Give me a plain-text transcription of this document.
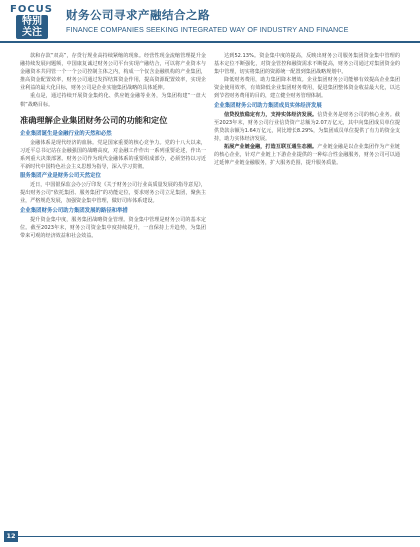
FOCUS
特别
关注
财务公司寻求产融结合之路
FINANCE COMPANIES SEEKING INTEGRATED WAY OF INDUSTRY AND FINANCE

款和存款“双高”，存贷行规业高持续紧缩的现象。经营性现金流缩管理提升金融持续发展问题频，中国康复诚过财务公司平台实现产融结合，可以将产业资本与金融资本共同管一个一个公司控制主体之内，构成一个仅含金融机构的产业集团，推高资金配置效率，财务公司通过发挥结算资金作用，提高资源配置效率，实现企业利益的最大化目标，财务公司是企业实施集团战略的具体延伸。

重点是，通过持续开展资金集约化、供应链金融等业务，为集团构建“一盘大棋”战略目标。

准确理解企业集团财务公司的功能和定位
企业集团诞生是金融行业的天然和必然

金融体系是现代经济的血脉。党是国家重要的核心竞争力。党的十八大以来，习近平总书记站在金融强国的战略高度，对金融工作作出一系列重要论述，作出一系列重大决策部署。财务公司作为现代金融体系的重要组成部分，必须坚持以习近平新时代中国特色社会主义思想为指导，深入学习贯彻。

服务集团产业是财务公司天然定位

近日，中国银保监会办公厅印发《关于财务公司行业高质量发展的指导意见》，提出财务公司“依托集团、服务集团”的功能定位，要求财务公司立足集团，聚焦主业，严格规范发展，加强资金集中管理，做好司库体系建设。

企业集团财务公司助力集团发展的路径和举措

提升资金集中度，服务集团战略资金管理。资金集中管理是财务公司的基本定位。截至2023年末，财务公司资金集中度持续提升，一直保持上升趋势，为集团带来可观的经济效益和社会效益。

达到52.13%。资金集中度的提高，反映出财务公司服务集团资金集中管理的基本定位不断强化，对资金管控和融资需求不断提高，财务公司通过对集团资金的集中管理，切实将集团的资源统一配置到集团战略规划中。

降低财务费用，助力集团降本增效。企业集团财务公司能够有效提高企业集团资金使用效率，有效降低企业集团财务费用，促进集团整体资金收益最大化，以达到节省财务费用的目的，建立健全财务管理体制。

企业集团财务公司助力集团成员实体经济发展

信贷投放稳定有力，支持实体经济发展。信贷业务是财务公司的核心业务。截至2023年末，财务公司行业信贷资产总额为2.07万亿元，其中向集团成员单位提供贷款余额为1.64万亿元，同比增长8.29%，为集团成员单位提供了有力的资金支持，助力实体经济发展。

拓展产业链金融，打造互联互通生态圈。产业链金融是以企业集团作为产业链的核心企业，针对产业链上下游企业提供的一种综合性金融服务，财务公司可以通过延伸产业链金融服务，扩大服务范围，提升服务质量。

12
